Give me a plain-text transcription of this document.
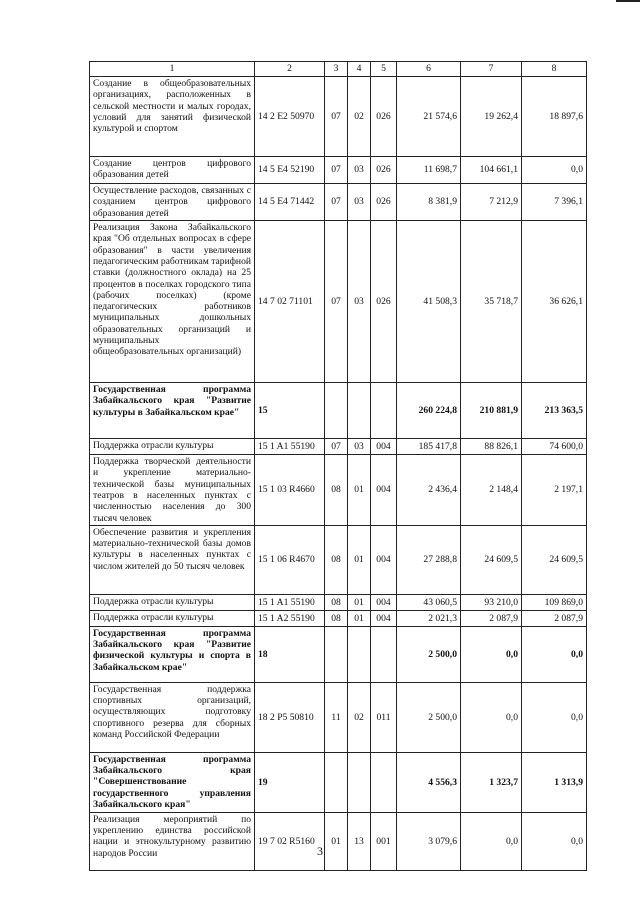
1	2	3	4	5	6	7	8
Создание в общеобразовательных организациях, расположенных в сельской местности и малых городах, условий для занятий физической культурой и спортом	14 2 E2 50970	07	02	026	21 574,6	19 262,4	18 897,6
Создание центров цифрового образования детей	14 5 E4 52190	07	03	026	11 698,7	104 661,1	0,0
Осуществление расходов, связанных с созданием центров цифрового образования детей	14 5 E4 71442	07	03	026	8 381,9	7 212,9	7 396,1
Реализация Закона Забайкальского края "Об отдельных вопросах в сфере образования" в части увеличения педагогическим работникам тарифной ставки (должностного оклада) на 25 процентов в поселках городского типа (рабочих поселках) (кроме педагогических работников муниципальных дошкольных образовательных организаций и муниципальных общеобразовательных организаций)	14 7 02 71101	07	03	026	41 508,3	35 718,7	36 626,1
Государственная программа Забайкальского края "Развитие культуры в Забайкальском крае"	15				260 224,8	210 881,9	213 363,5
Поддержка отрасли культуры	15 1 A1 55190	07	03	004	185 417,8	88 826,1	74 600,0
Поддержка творческой деятельности и укрепление материально-технической базы муниципальных театров в населенных пунктах с численностью населения до 300 тысяч человек	15 1 03 R4660	08	01	004	2 436,4	2 148,4	2 197,1
Обеспечение развития и укрепления материально-технической базы домов культуры в населенных пунктах с числом жителей до 50 тысяч человек	15 1 06 R4670	08	01	004	27 288,8	24 609,5	24 609,5
Поддержка отрасли культуры	15 1 A1 55190	08	01	004	43 060,5	93 210,0	109 869,0
Поддержка отрасли культуры	15 1 A2 55190	08	01	004	2 021,3	2 087,9	2 087,9
Государственная программа Забайкальского края "Развитие физической культуры и спорта в Забайкальском крае"	18				2 500,0	0,0	0,0
Государственная поддержка спортивных организаций, осуществляющих подготовку спортивного резерва для сборных команд Российской Федерации	18 2 P5 50810	11	02	011	2 500,0	0,0	0,0
Государственная программа Забайкальского края "Совершенствование государственного управления Забайкальского края"	19				4 556,3	1 323,7	1 313,9
Реализация мероприятий по укреплению единства российской нации и этнокультурному развитию народов России	19 7 02 R5160	01	13	001	3 079,6	0,0	0,0
3
